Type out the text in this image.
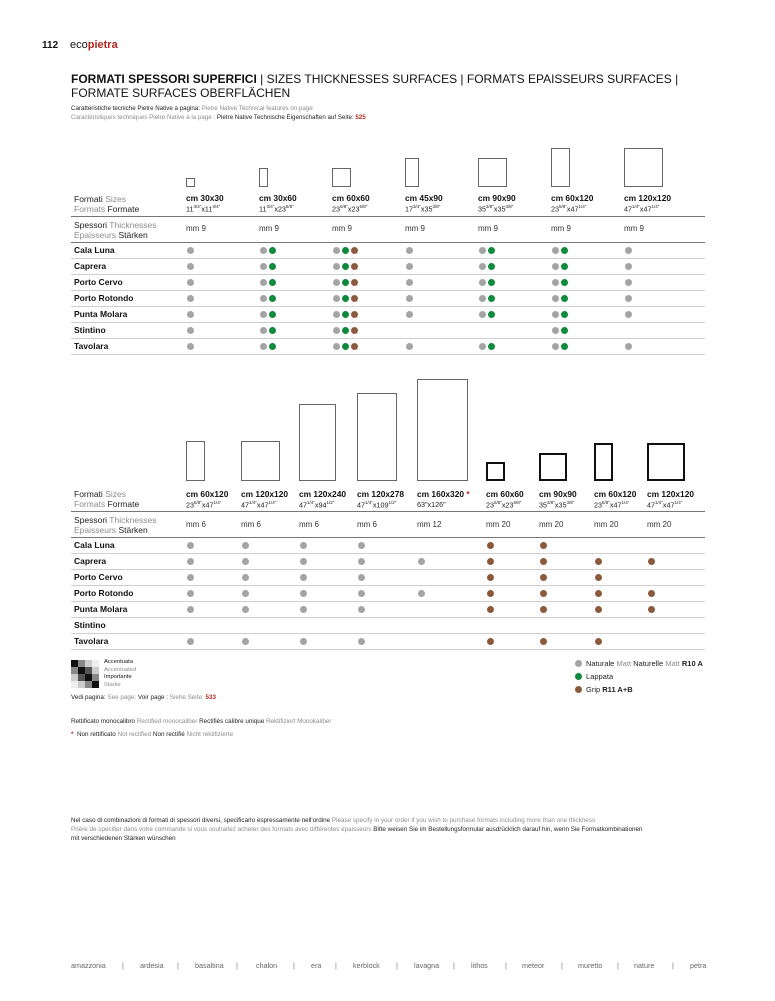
112 ecopietra
FORMATI SPESSORI SUPERFICI | SIZES THICKNESSES SURFACES | FORMATS EPAISSEURS SURFACES |
FORMATE SURFACES OBERFLÄCHEN
Caratteristiche tecniche Pietre Native a pagina: Pietre Native Technical features on page:
Caractéristiques techniques Pietre Native à la page : Pietre Native Technische Eigenschaften auf Seite: 525
Formati Sizes
Formats Formate
Spessori Thicknesses
Epaisseurs Stärken
cm 30x30
$11^{3/4"}x11^{3/4"}$
mm 9
cm 30x60
$11^{3/4"}x23^{5/8"}$
mm 9
cm 60x60
$23^{5/8"}x23^{5/8"}$
mm 9
cm 45x90
$17^{3/4"}x35^{3/8"}$
mm 9
cm 90x90
$35^{3/8"}x35^{3/8"}$
mm 9
cm 60x120
$23^{5/8"}x47^{1/4"}$
mm 9
cm 120x120
$47^{1/4"}x47^{1/4"}$
mm 9
Cala Luna
Caprera
Porto Cervo
Porto Rotondo
Punta Molara
Stintino
Tavolara
Formati Sizes
Formats Formate
Spessori Thicknesses
Epaisseurs Stärken
cm 60x120
$23^{5/8"}x47^{1/4"}$
mm 6
cm 120x120
$47^{1/4"}x47^{1/4"}$
mm 6
cm 120x240
$47^{1/4"}x94^{1/2"}$
mm 6
cm 120x278
$47^{1/4"}x109^{1/2"}$
mm 6
cm 160x320 *
63"x126"
mm 12
cm 60x60
$23^{5/8"}x23^{5/8"}$
mm 20
cm 90x90
$35^{3/8"}x35^{3/8"}$
mm 20
cm 60x120
$23^{5/8"}x47^{1/4"}$
mm 20
cm 120x120
$47^{1/4"}x47^{1/4"}$
mm 20
Cala Luna
Caprera
Porto Cervo
Porto Rotondo
Punta Molara
Stintino
Tavolara
Accentuata
Accentuated
Importante
Starke
Naturale Matt Naturelle Matt R10 A
Lappata
Grip R11 A+B
Vedi pagina: See page: Voir page : Siehe Seite: 533
Rettificato monocalibro Rectified monocaliber Rectifiés calibre unique Rektifiziert Monokaliber
* Non rettificato Not rectified Non rectifié Nicht rektifizierte
Nel caso di combinazioni di formati di spessori diversi, specificarlo espressamente nell'ordine Please specify in your order if you wish to purchase formats including more than one thickness
Prière de spécifier dans votre commande si vous souhaitez acheter des formats avec différentes épaisseurs Bitte weisen Sie im Bestellungsformular ausdrücklich darauf hin, wenn Sie Formatkombinationen
mit verschiedenen Stärken wünschen
amazzonia | ardesia | basaltina |	chalon | era | kerblock | lavagna | lithos | meteor | muretto | nature | petra
